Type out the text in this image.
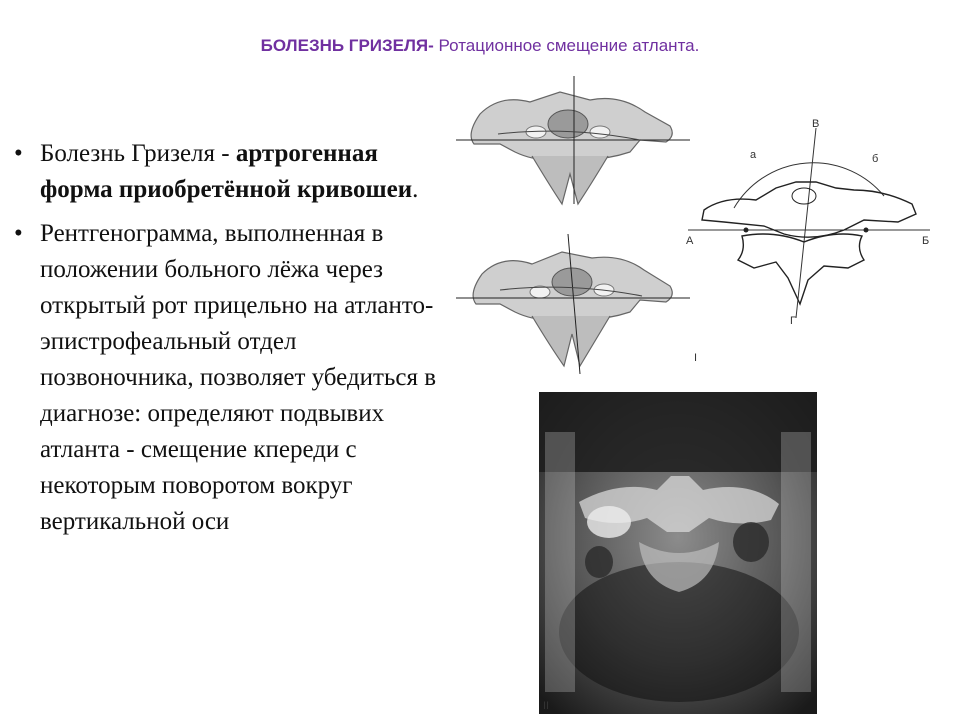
БОЛЕЗНЬ ГРИЗЕЛЯ- Ротационное смещение атланта.
• Болезнь Гризеля - артрогенная форма приобретённой кривошеи.
• Рентгенограмма, выполненная в положении больного лёжа через открытый рот прицельно на атланто-эпистрофеальный отдел позвоночника, позволяет убедиться в диагнозе: определяют подвывих атланта - смещение кпереди с некоторым поворотом вокруг вертикальной оси
I
В
Г
А	Б
а	б
II
